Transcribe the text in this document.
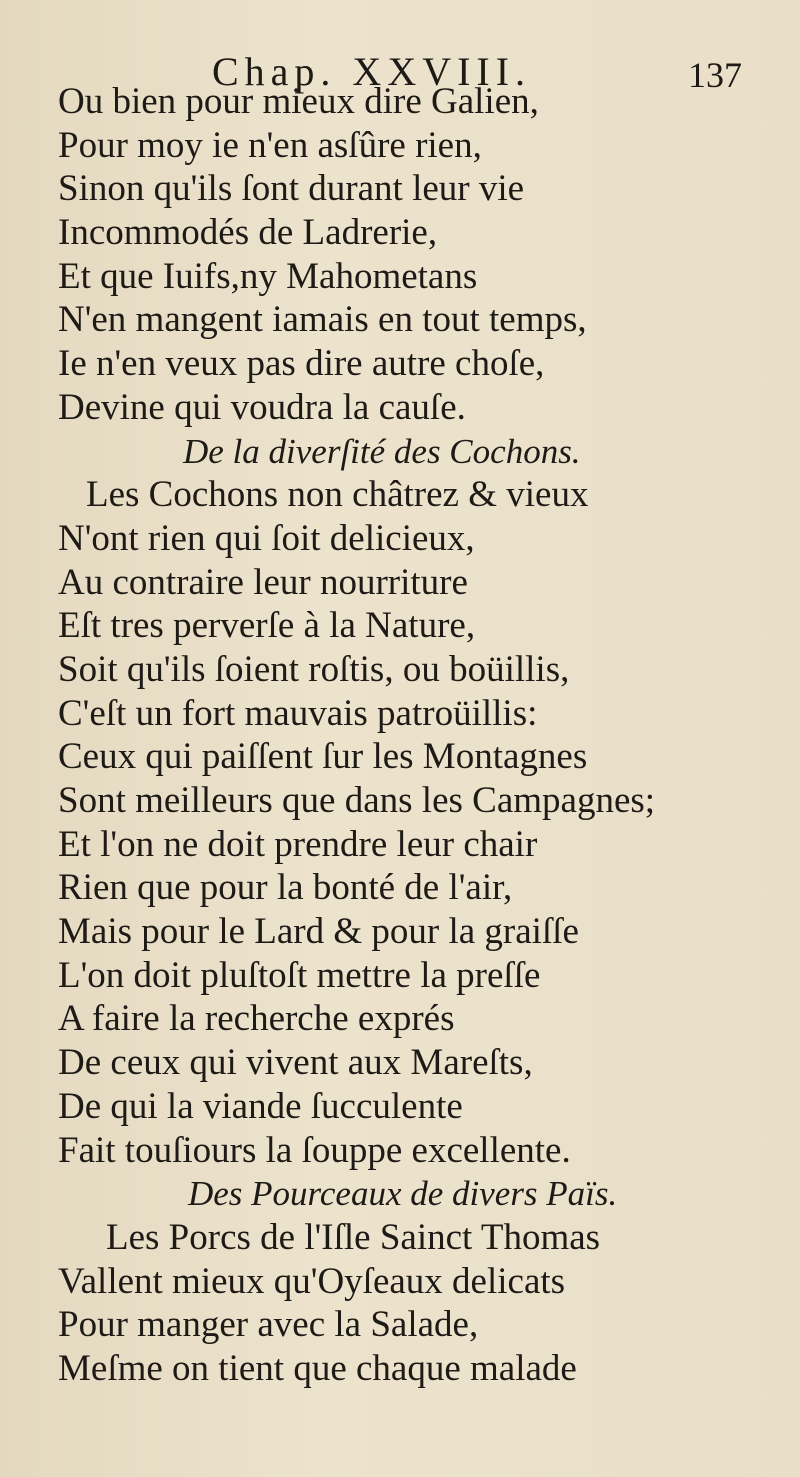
Chap. XXVIII.	137
Ou bien pour mieux dire Galien,
Pour moy ie n'en asſûre rien,
Sinon qu'ils ſont durant leur vie
Incommodés de Ladrerie,
Et que Iuifs,ny Mahometans
N'en mangent iamais en tout temps,
Ie n'en veux pas dire autre choſe,
Devine qui voudra la cauſe.
De la diverſité des Cochons.
Les Cochons non châtrez & vieux
N'ont rien qui ſoit delicieux,
Au contraire leur nourriture
Eſt tres perverſe à la Nature,
Soit qu'ils ſoient roſtis, ou boüillis,
C'eſt un fort mauvais patroüillis:
Ceux qui paiſſent ſur les Montagnes
Sont meilleurs que dans les Campagnes;
Et l'on ne doit prendre leur chair
Rien que pour la bonté de l'air,
Mais pour le Lard & pour la graiſſe
L'on doit pluſtoſt mettre la preſſe
A faire la recherche exprés
De ceux qui vivent aux Mareſts,
De qui la viande ſucculente
Fait touſiours la ſouppe excellente.
Des Pourceaux de divers Païs.
Les Porcs de l'Iſle Sainct Thomas
Vallent mieux qu'Oyſeaux delicats
Pour manger avec la Salade,
Meſme on tient que chaque malade
